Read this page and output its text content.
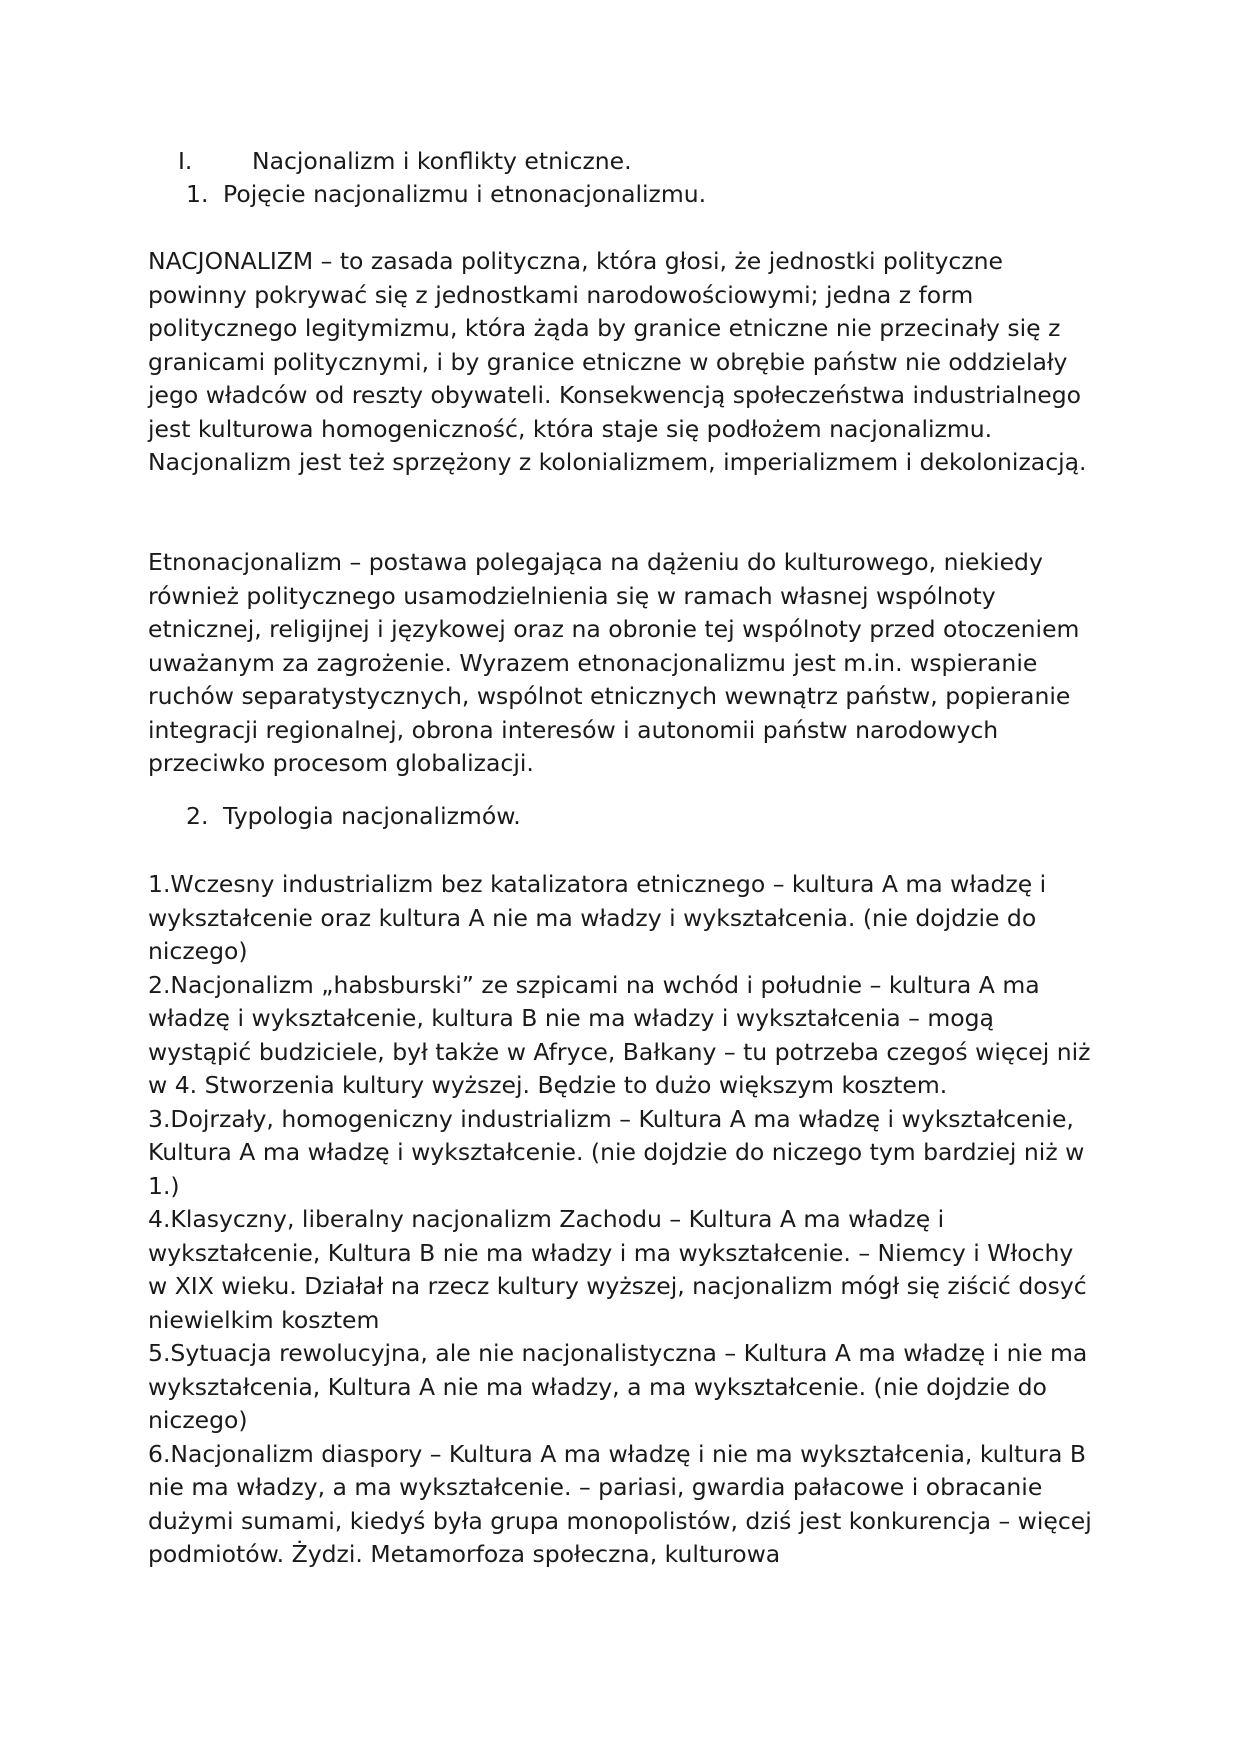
I.	Nacjonalizm i konflikty etniczne.
1. Pojęcie nacjonalizmu i etnonacjonalizmu.

NACJONALIZM – to zasada polityczna, która głosi, że jednostki polityczne powinny pokrywać się z jednostkami narodowościowymi; jedna z form politycznego legitymizmu, która żąda by granice etniczne nie przecinały się z granicami politycznymi, i by granice etniczne w obrębie państw nie oddzielały jego władców od reszty obywateli. Konsekwencją społeczeństwa industrialnego jest kulturowa homogeniczność, która staje się podłożem nacjonalizmu. Nacjonalizm jest też sprzężony z kolonializmem, imperializmem i dekolonizacją.

Etnonacjonalizm – postawa polegająca na dążeniu do kulturowego, niekiedy również politycznego usamodzielnienia się w ramach własnej wspólnoty etnicznej, religijnej i językowej oraz na obronie tej wspólnoty przed otoczeniem uważanym za zagrożenie. Wyrazem etnonacjonalizmu jest m.in. wspieranie ruchów separatystycznych, wspólnot etnicznych wewnątrz państw, popieranie integracji regionalnej, obrona interesów i autonomii państw narodowych przeciwko procesom globalizacji.

2. Typologia nacjonalizmów.
1.Wczesny industrializm bez katalizatora etnicznego – kultura A ma władzę i wykształcenie oraz kultura A nie ma władzy i wykształcenia. (nie dojdzie do niczego)
2.Nacjonalizm „habsburski” ze szpicami na wchód i południe – kultura A ma władzę i wykształcenie, kultura B nie ma władzy i wykształcenia – mogą wystąpić budziciele, był także w Afryce, Bałkany – tu potrzeba czegoś więcej niż w 4. Stworzenia kultury wyższej. Będzie to dużo większym kosztem.
3.Dojrzały, homogeniczny industrializm – Kultura A ma władzę i wykształcenie, Kultura A ma władzę i wykształcenie. (nie dojdzie do niczego tym bardziej niż w 1.)
4.Klasyczny, liberalny nacjonalizm Zachodu – Kultura A ma władzę i wykształcenie, Kultura B nie ma władzy i ma wykształcenie. – Niemcy i Włochy w XIX wieku. Działał na rzecz kultury wyższej, nacjonalizm mógł się ziścić dosyć niewielkim kosztem
5.Sytuacja rewolucyjna, ale nie nacjonalistyczna – Kultura A ma władzę i nie ma wykształcenia, Kultura A nie ma władzy, a ma wykształcenie. (nie dojdzie do niczego)
6.Nacjonalizm diaspory – Kultura A ma władzę i nie ma wykształcenia, kultura B nie ma władzy, a ma wykształcenie. – pariasi, gwardia pałacowe i obracanie dużymi sumami, kiedyś była grupa monopolistów, dziś jest konkurencja – więcej podmiotów. Żydzi. Metamorfoza społeczna, kulturowa
